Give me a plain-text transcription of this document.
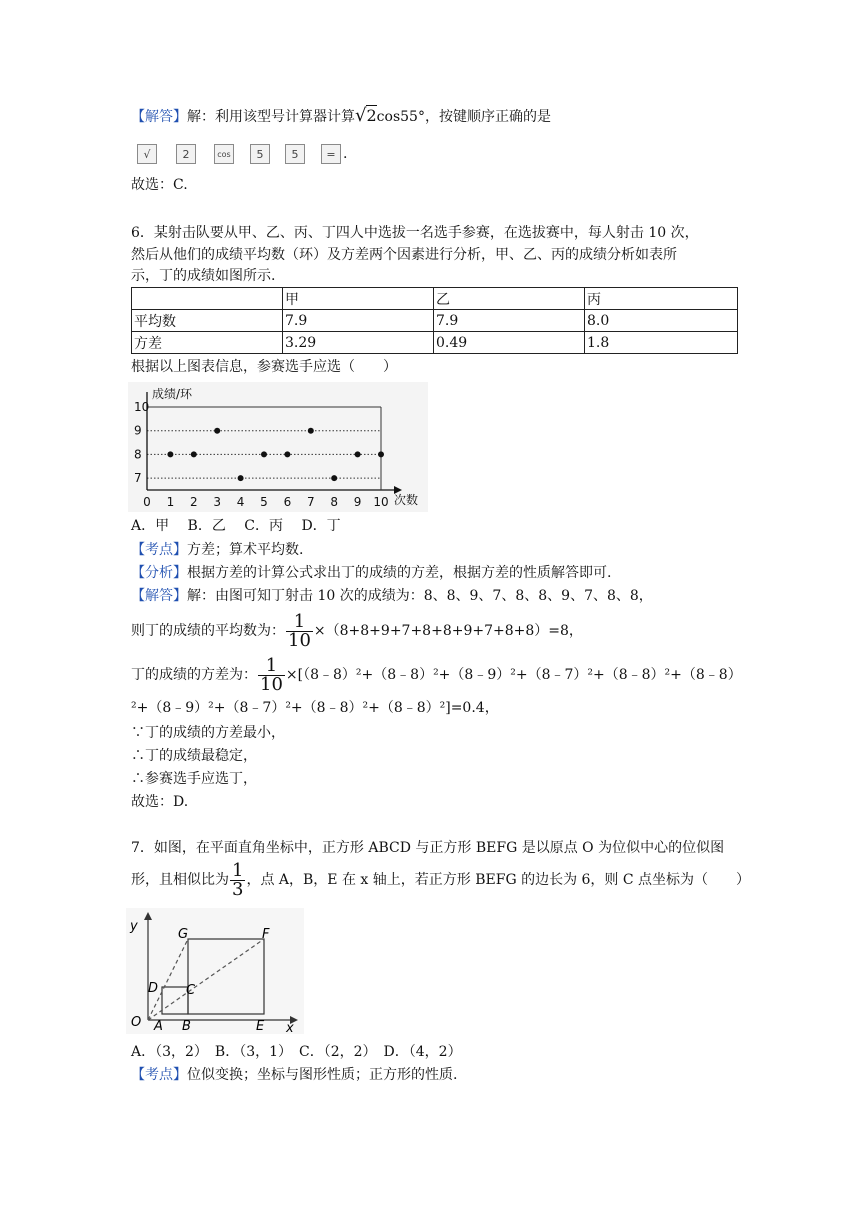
【解答】解：利用该型号计算器计算√2cos55°，按键顺序正确的是
√	2	cos	5	5	= .
故选：C.
6．某射击队要从甲、乙、丙、丁四人中选拔一名选手参赛，在选拔赛中，每人射击 10 次，
然后从他们的成绩平均数（环）及方差两个因素进行分析，甲、乙、丙的成绩分析如表所
示，丁的成绩如图所示.
	甲	乙	丙
平均数	7.9	7.9	8.0
方差	3.29	0.49	1.8
根据以上图表信息，参赛选手应选（　　）
7
8
9
10
0 1 2 3 4 5 6 7 8 9 10
成绩/环
次数
A．甲　 B．乙　 C．丙　 D．丁
【考点】方差；算术平均数.
【分析】根据方差的计算公式求出丁的成绩的方差，根据方差的性质解答即可.
【解答】解：由图可知丁射击 10 次的成绩为：8、8、9、7、8、8、9、7、8、8，
则丁的成绩的平均数为： $\frac{1}{10} \times(8+8+9+7+8+8+9+7+8+8)=8$，
丁的成绩的方差为： $\frac{1}{10}$ ×[（8﹣8）²+（8﹣8）²+（8﹣9）²+（8﹣7）²+（8﹣8）²+（8﹣8）
²+（8﹣9）²+（8﹣7）²+（8﹣8）²+（8﹣8）²]=0.4，
∵丁的成绩的方差最小，
∴丁的成绩最稳定，
∴参赛选手应选丁，
故选：D.
7．如图，在平面直角坐标中，正方形 ABCD 与正方形 BEFG 是以原点 O 为位似中心的位似图
形，且相似比为 $\frac{1}{3}$ ，点 A，B，E 在 x 轴上，若正方形 BEFG 的边长为 6，则 C 点坐标为（　　）
y
x
O A B
C
D
E
F
G
A．（3，2）　B．（3，1）　C．（2，2）　D．（4，2）
【考点】位似变换；坐标与图形性质；正方形的性质.
